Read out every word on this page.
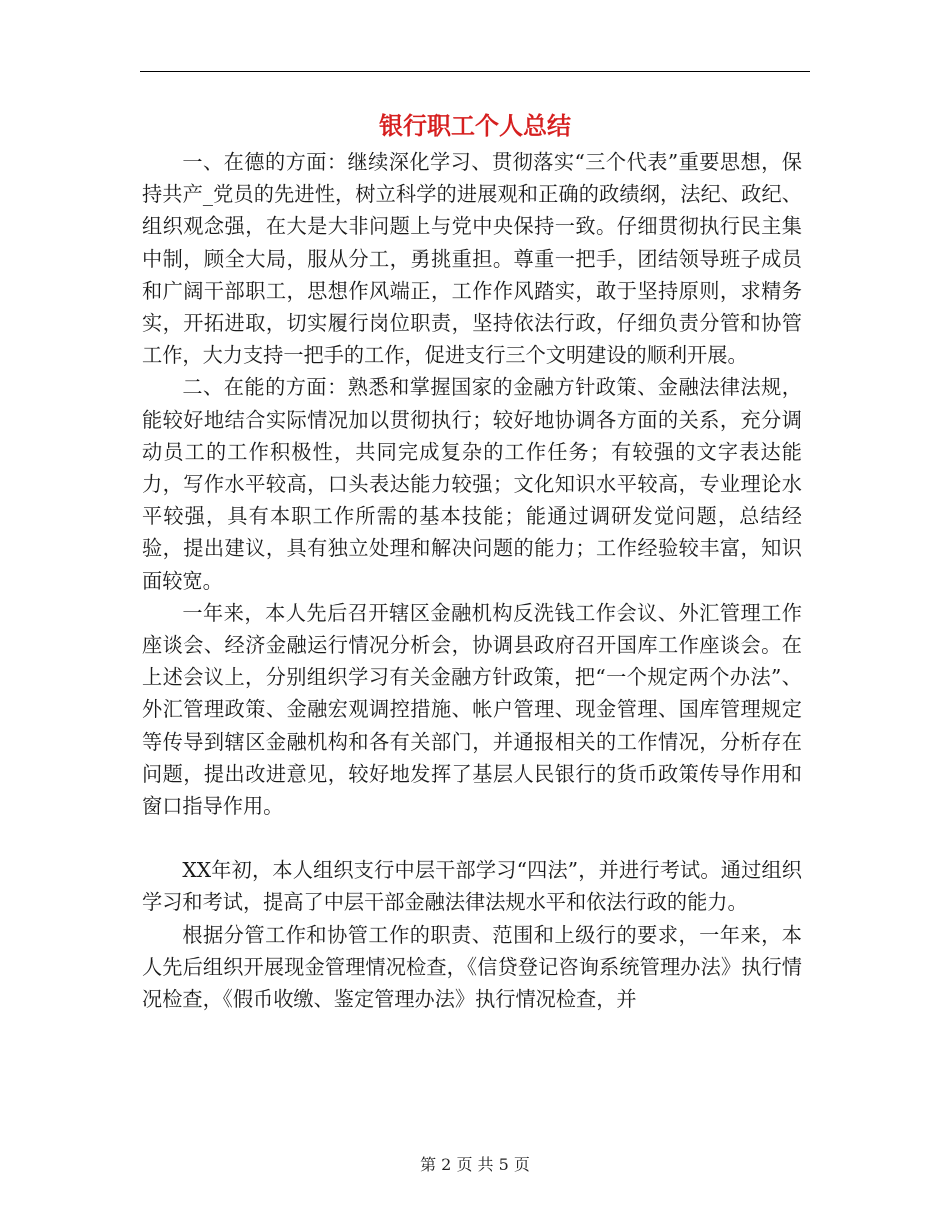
银行职工个人总结

一、在德的方面：继续深化学习、贯彻落实“三个代表”重要思想，保持共产_党员的先进性，树立科学的进展观和正确的政绩纲，法纪、政纪、组织观念强，在大是大非问题上与党中央保持一致。仔细贯彻执行民主集中制，顾全大局，服从分工，勇挑重担。尊重一把手，团结领导班子成员和广阔干部职工，思想作风端正，工作作风踏实，敢于坚持原则，求精务实，开拓进取，切实履行岗位职责，坚持依法行政，仔细负责分管和协管工作，大力支持一把手的工作，促进支行三个文明建设的顺利开展。

二、在能的方面：熟悉和掌握国家的金融方针政策、金融法律法规，能较好地结合实际情况加以贯彻执行；较好地协调各方面的关系，充分调动员工的工作积极性，共同完成复杂的工作任务；有较强的文字表达能力，写作水平较高，口头表达能力较强；文化知识水平较高，专业理论水平较强，具有本职工作所需的基本技能；能通过调研发觉问题，总结经验，提出建议，具有独立处理和解决问题的能力；工作经验较丰富，知识面较宽。

一年来，本人先后召开辖区金融机构反洗钱工作会议、外汇管理工作座谈会、经济金融运行情况分析会，协调县政府召开国库工作座谈会。在上述会议上，分别组织学习有关金融方针政策，把“一个规定两个办法”、外汇管理政策、金融宏观调控措施、帐户管理、现金管理、国库管理规定等传导到辖区金融机构和各有关部门，并通报相关的工作情况，分析存在问题，提出改进意见，较好地发挥了基层人民银行的货币政策传导作用和窗口指导作用。

XX年初，本人组织支行中层干部学习“四法”，并进行考试。通过组织学习和考试，提高了中层干部金融法律法规水平和依法行政的能力。

根据分管工作和协管工作的职责、范围和上级行的要求，一年来，本人先后组织开展现金管理情况检查，《信贷登记咨询系统管理办法》执行情况检查，《假币收缴、鉴定管理办法》执行情况检查，并

第 2 页 共 5 页
